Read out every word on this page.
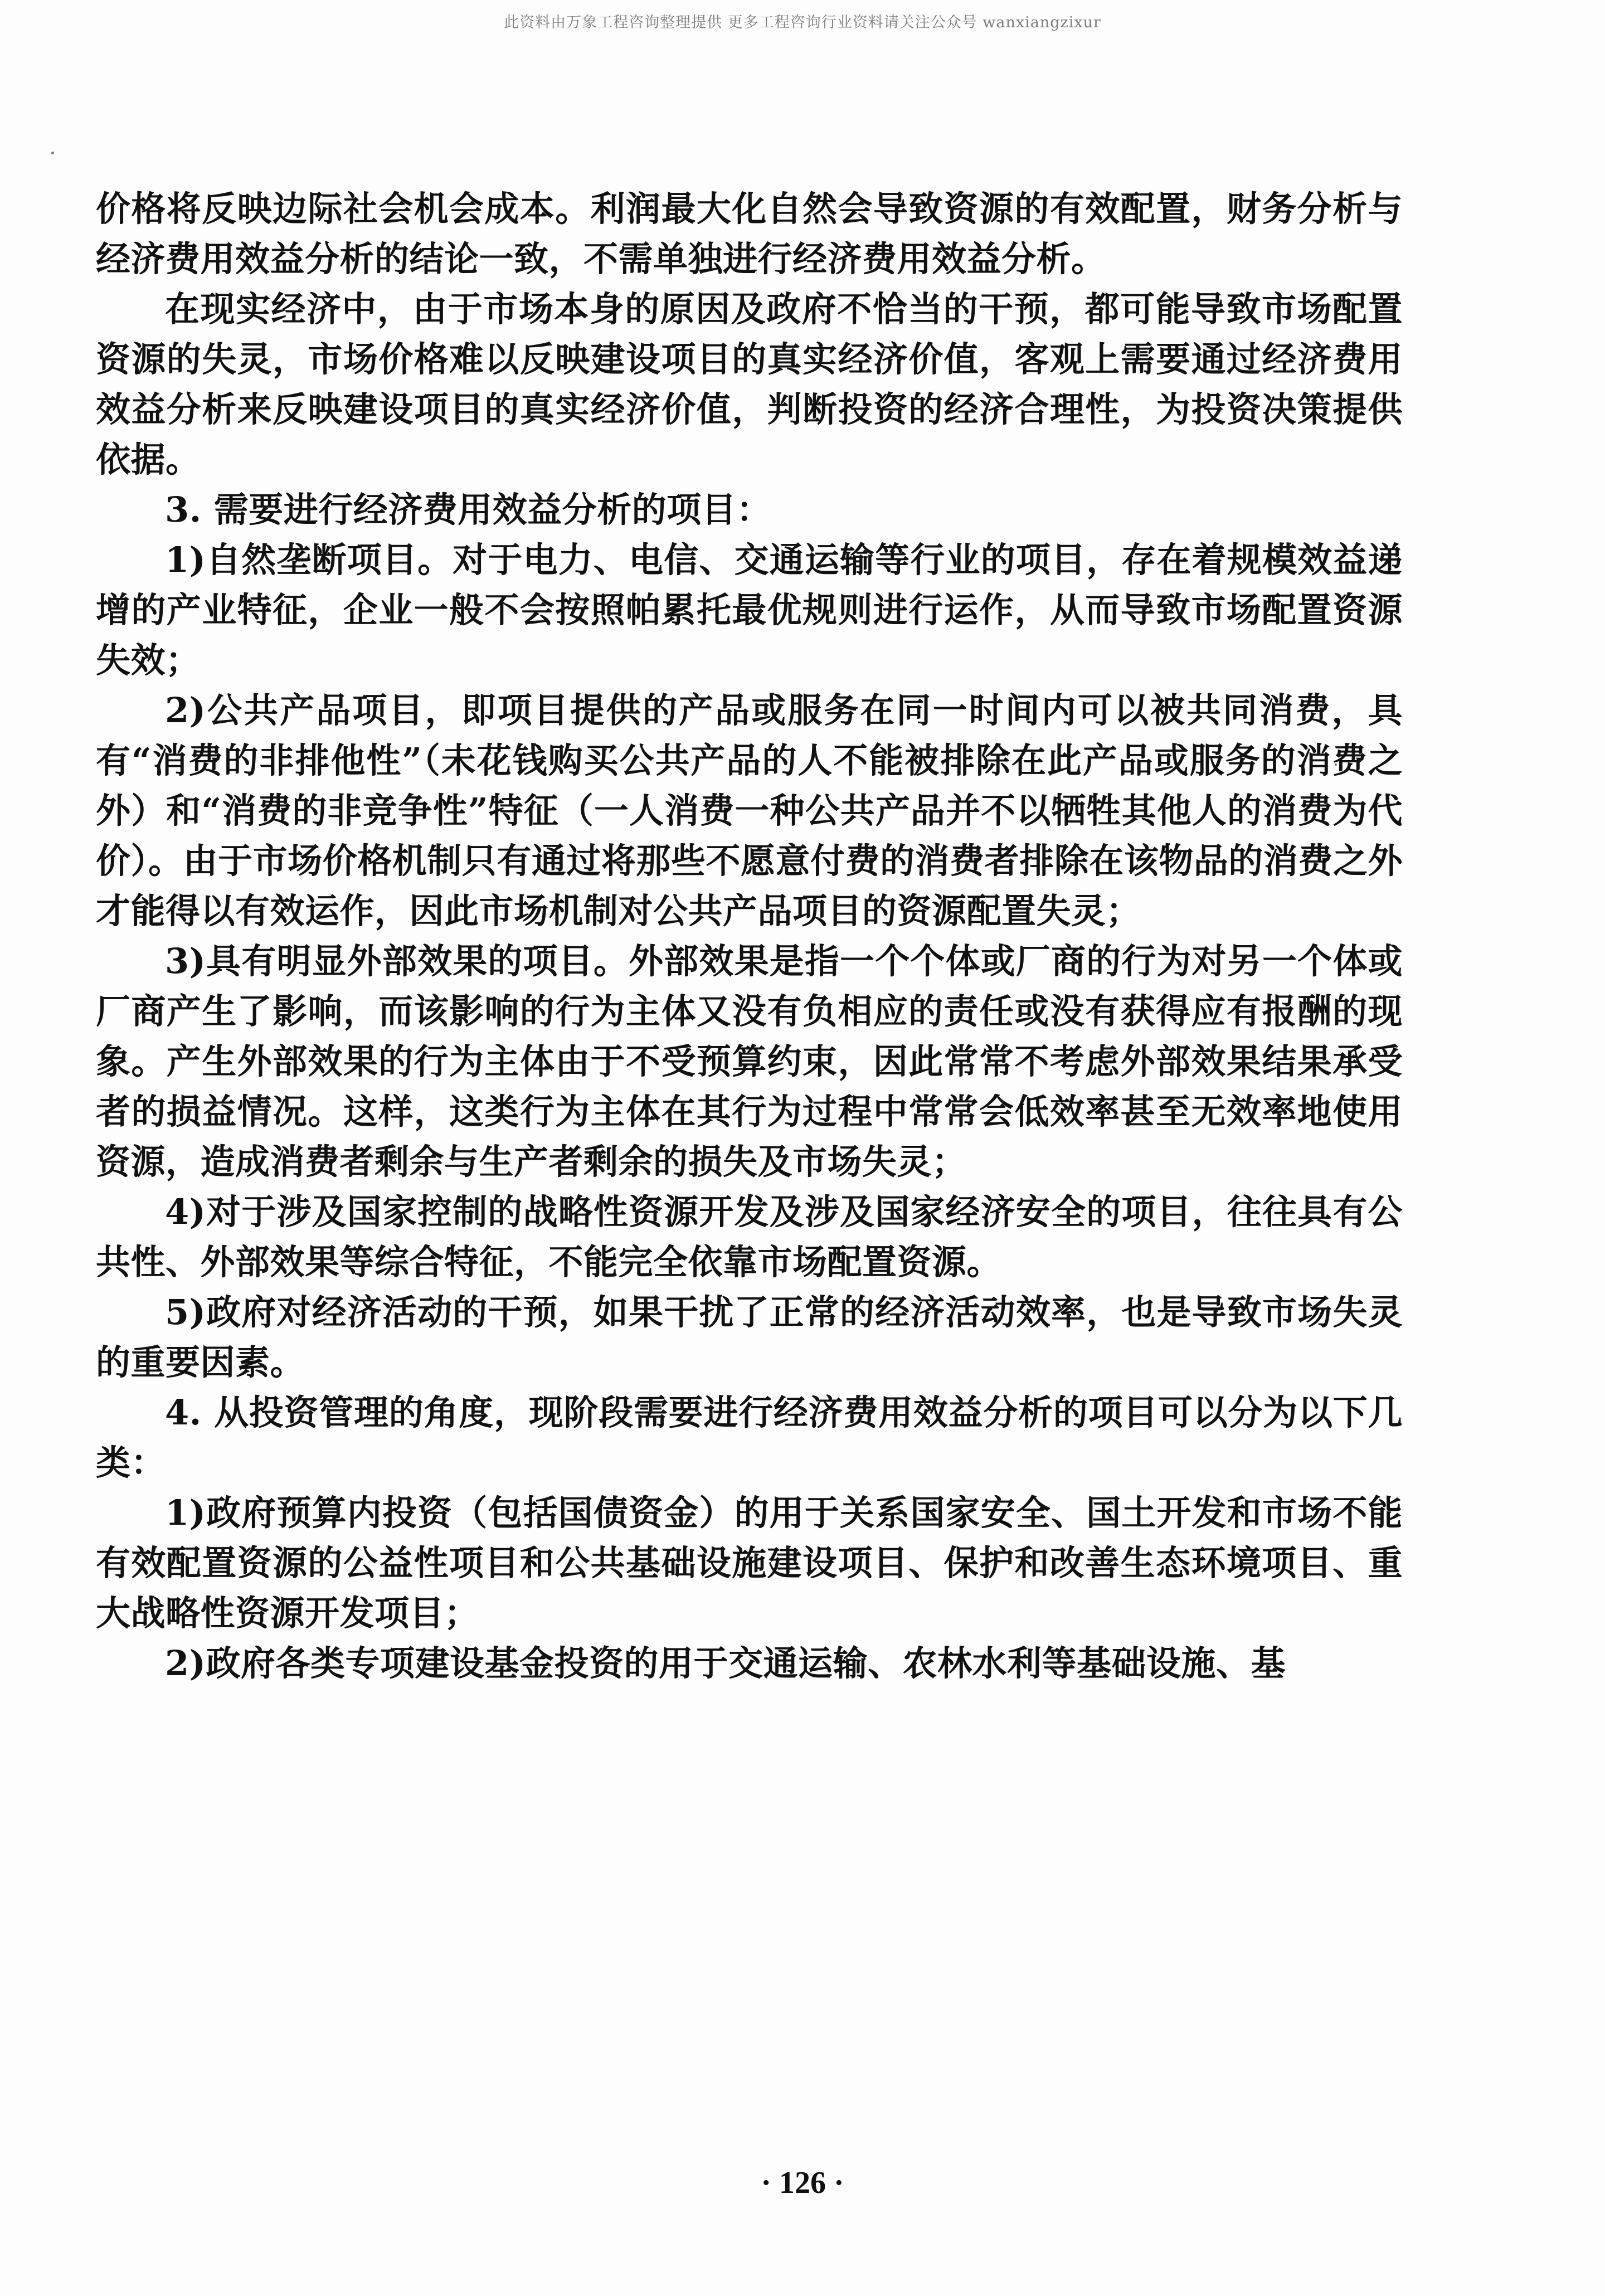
此资料由万象工程咨询整理提供 更多工程咨询行业资料请关注公众号 wanxiangzixur

价格将反映边际社会机会成本。利润最大化自然会导致资源的有效配置，财务分析与经济费用效益分析的结论一致，不需单独进行经济费用效益分析。

在现实经济中，由于市场本身的原因及政府不恰当的干预，都可能导致市场配置资源的失灵，市场价格难以反映建设项目的真实经济价值，客观上需要通过经济费用效益分析来反映建设项目的真实经济价值，判断投资的经济合理性，为投资决策提供依据。

3. 需要进行经济费用效益分析的项目：

1)自然垄断项目。对于电力、电信、交通运输等行业的项目，存在着规模效益递增的产业特征，企业一般不会按照帕累托最优规则进行运作，从而导致市场配置资源失效；

2)公共产品项目，即项目提供的产品或服务在同一时间内可以被共同消费，具有“消费的非排他性”（未花钱购买公共产品的人不能被排除在此产品或服务的消费之外）和“消费的非竞争性”特征（一人消费一种公共产品并不以牺牲其他人的消费为代价）。由于市场价格机制只有通过将那些不愿意付费的消费者排除在该物品的消费之外才能得以有效运作，因此市场机制对公共产品项目的资源配置失灵；

3)具有明显外部效果的项目。外部效果是指一个个体或厂商的行为对另一个体或厂商产生了影响，而该影响的行为主体又没有负相应的责任或没有获得应有报酬的现象。产生外部效果的行为主体由于不受预算约束，因此常常不考虑外部效果结果承受者的损益情况。这样，这类行为主体在其行为过程中常常会低效率甚至无效率地使用资源，造成消费者剩余与生产者剩余的损失及市场失灵；

4)对于涉及国家控制的战略性资源开发及涉及国家经济安全的项目，往往具有公共性、外部效果等综合特征，不能完全依靠市场配置资源。

5)政府对经济活动的干预，如果干扰了正常的经济活动效率，也是导致市场失灵的重要因素。

4. 从投资管理的角度，现阶段需要进行经济费用效益分析的项目可以分为以下几类：

1)政府预算内投资（包括国债资金）的用于关系国家安全、国土开发和市场不能有效配置资源的公益性项目和公共基础设施建设项目、保护和改善生态环境项目、重大战略性资源开发项目；

2)政府各类专项建设基金投资的用于交通运输、农林水利等基础设施、基

· 126 ·
